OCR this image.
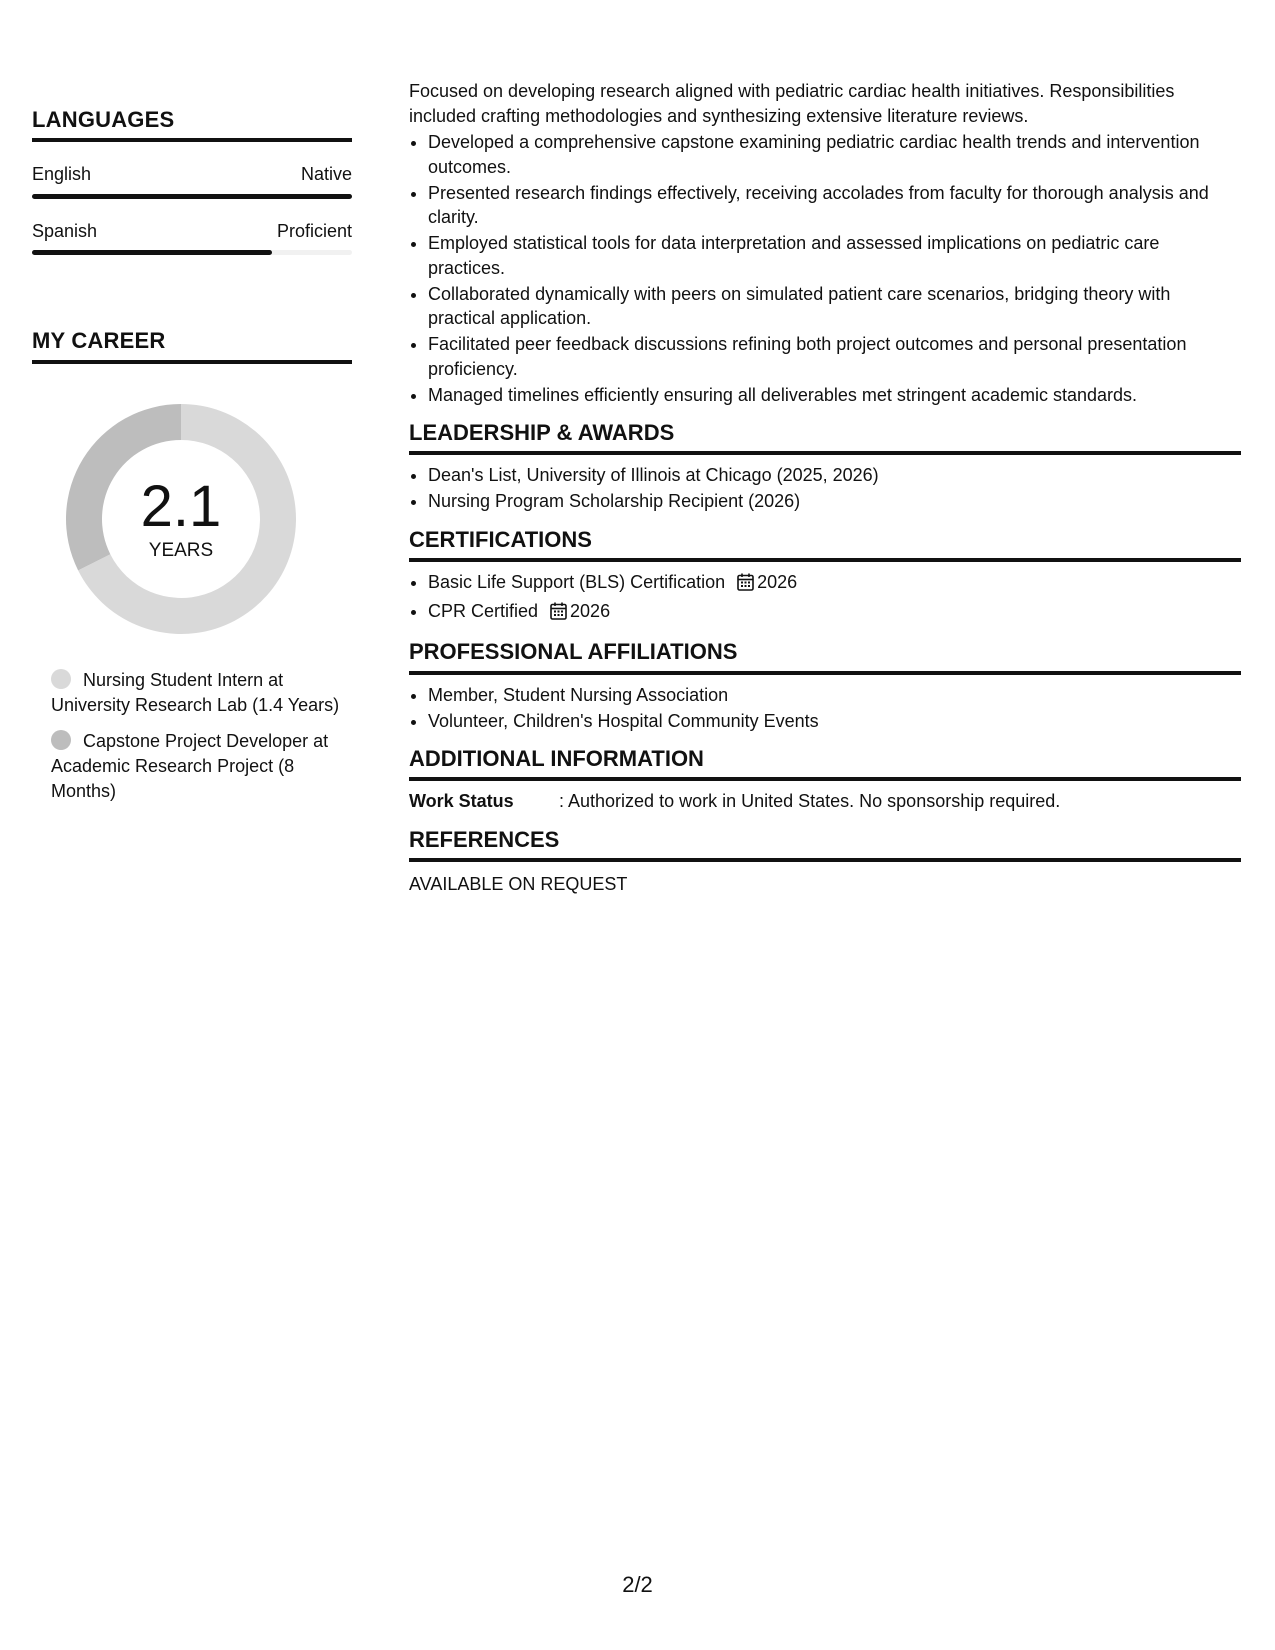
LANGUAGES
English	Native
Spanish	Proficient
MY CAREER
2.1
YEARS
Nursing Student Intern at University Research Lab (1.4 Years)
Capstone Project Developer at Academic Research Project (8 Months)

Focused on developing research aligned with pediatric cardiac health initiatives. Responsibilities included crafting methodologies and synthesizing extensive literature reviews.

• Developed a comprehensive capstone examining pediatric cardiac health trends and intervention outcomes.
• Presented research findings effectively, receiving accolades from faculty for thorough analysis and clarity.
• Employed statistical tools for data interpretation and assessed implications on pediatric care practices.
• Collaborated dynamically with peers on simulated patient care scenarios, bridging theory with practical application.
• Facilitated peer feedback discussions refining both project outcomes and personal presentation proficiency.
• Managed timelines efficiently ensuring all deliverables met stringent academic standards.
LEADERSHIP & AWARDS
• Dean's List, University of Illinois at Chicago (2025, 2026)
• Nursing Program Scholarship Recipient (2026)
CERTIFICATIONS
• Basic Life Support (BLS) Certification 2026
• CPR Certified 2026
PROFESSIONAL AFFILIATIONS
• Member, Student Nursing Association
• Volunteer, Children's Hospital Community Events
ADDITIONAL INFORMATION
Work Status	: Authorized to work in United States. No sponsorship required.
REFERENCES
AVAILABLE ON REQUEST
2/2
